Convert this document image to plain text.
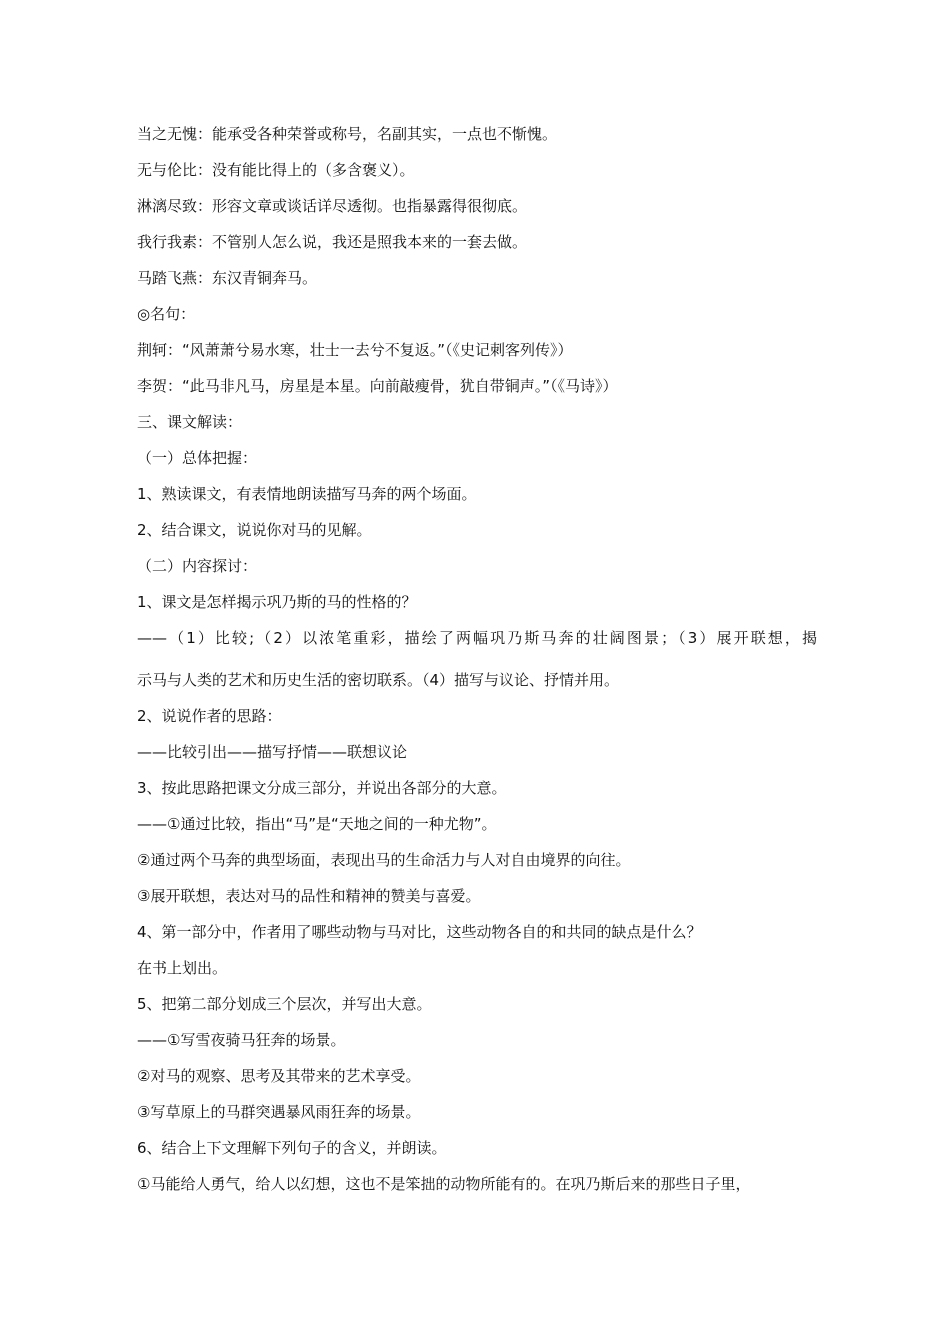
当之无愧：能承受各种荣誉或称号，名副其实，一点也不惭愧。
无与伦比：没有能比得上的（多含褒义）。
淋漓尽致：形容文章或谈话详尽透彻。也指暴露得很彻底。
我行我素：不管别人怎么说，我还是照我本来的一套去做。
马踏飞燕：东汉青铜奔马。
◎名句：
荆轲：“风萧萧兮易水寒，壮士一去兮不复返。”（《史记刺客列传》）
李贺：“此马非凡马，房星是本星。向前敲瘦骨，犹自带铜声。”（《马诗》）
三、课文解读：
（一）总体把握：
1、熟读课文，有表情地朗读描写马奔的两个场面。
2、结合课文，说说你对马的见解。
（二）内容探讨：
1、课文是怎样揭示巩乃斯的马的性格的？
——（1）比较;（2）以浓笔重彩，描绘了两幅巩乃斯马奔的壮阔图景；（3）展开联想，揭
示马与人类的艺术和历史生活的密切联系。（4）描写与议论、抒情并用。
2、说说作者的思路：
——比较引出——描写抒情——联想议论
3、按此思路把课文分成三部分，并说出各部分的大意。
——①通过比较，指出“马”是“天地之间的一种尤物”。
②通过两个马奔的典型场面，表现出马的生命活力与人对自由境界的向往。
③展开联想，表达对马的品性和精神的赞美与喜爱。
4、第一部分中，作者用了哪些动物与马对比，这些动物各自的和共同的缺点是什么？
在书上划出。
5、把第二部分划成三个层次，并写出大意。
——①写雪夜骑马狂奔的场景。
②对马的观察、思考及其带来的艺术享受。
③写草原上的马群突遇暴风雨狂奔的场景。
6、结合上下文理解下列句子的含义，并朗读。
①马能给人勇气，给人以幻想，这也不是笨拙的动物所能有的。在巩乃斯后来的那些日子里，
